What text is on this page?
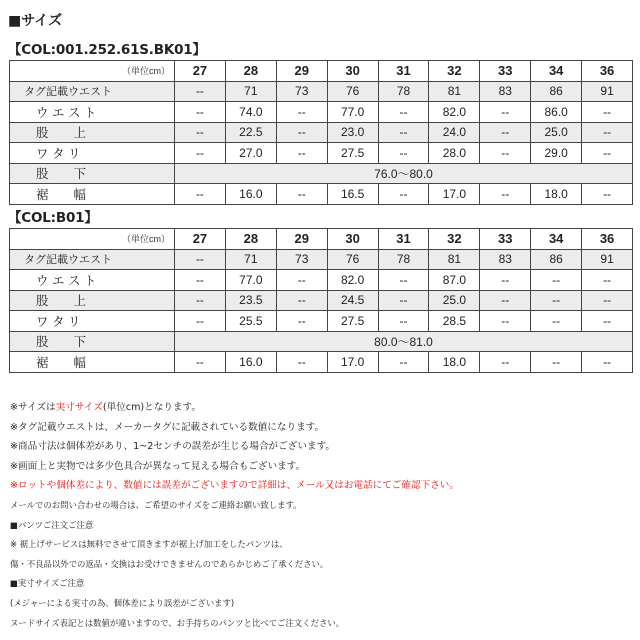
■サイズ
【COL:001.252.61S.BK01】
（単位cm）	27	28	29	30	31	32	33	34	36
タグ記載ウエスト	--	71	73	76	78	81	83	86	91
ウ エ ス ト	--	74.0	--	77.0	--	82.0	--	86.0	--
股　　上	--	22.5	--	23.0	--	24.0	--	25.0	--
ワ タ リ	--	27.0	--	27.5	--	28.0	--	29.0	--
股　　下	76.0～80.0								
裾　　幅	--	16.0	--	16.5	--	17.0	--	18.0	--
【COL:B01】
（単位cm）	27	28	29	30	31	32	33	34	36
タグ記載ウエスト	--	71	73	76	78	81	83	86	91
ウ エ ス ト	--	77.0	--	82.0	--	87.0	--	--	--
股　　上	--	23.5	--	24.5	--	25.0	--	--	--
ワ タ リ	--	25.5	--	27.5	--	28.5	--	--	--
股　　下	80.0～81.0								
裾　　幅	--	16.0	--	17.0	--	18.0	--	--	--
※サイズは実寸サイズ(単位cm)となります。
※タグ記載ウエストは、メーカータグに記載されている数値になります。
※商品寸法は個体差があり、1~2センチの誤差が生じる場合がございます。
※画面上と実物では多少色具合が異なって見える場合もございます。
※ロットや個体差により、数値には誤差がございますので詳細は、メール又はお電話にてご確認下さい。
メールでのお問い合わせの場合は、ご希望のサイズをご連絡お願い致します。
■パンツご注文ご注意
※ 裾上げサービスは無料でさせて頂きますが裾上げ加工をしたパンツは、
傷・不良品以外での返品・交換はお受けできませんのであらかじめご了承ください。
■実寸サイズご注意
(メジャーによる実寸の為、個体差により誤差がございます)
ヌードサイズ表記とは数値が違いますので、お手持ちのパンツと比べてご注文ください。
